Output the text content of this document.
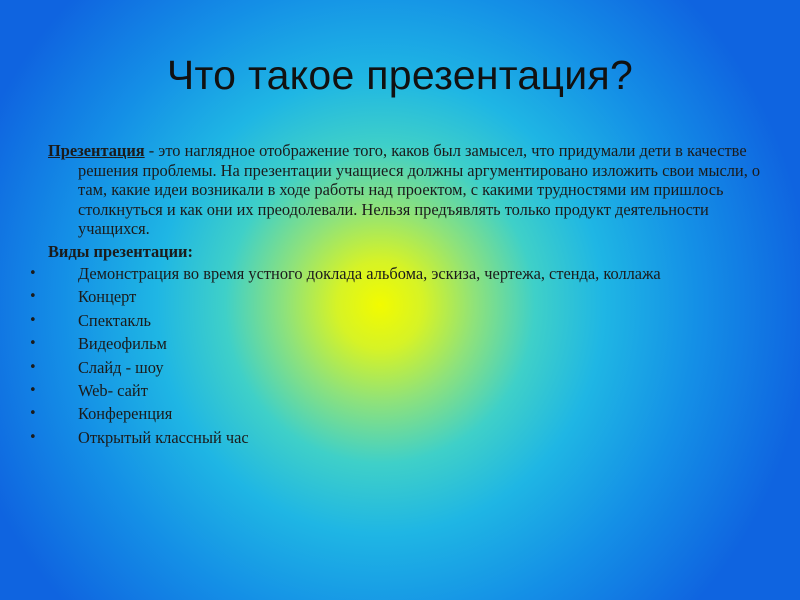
Что такое презентация?

Презентация - это наглядное отображение того, каков был замысел, что придумали дети в качестве решения проблемы. На презентации учащиеся должны аргументировано изложить свои мысли, о там, какие идеи возникали в ходе работы над проектом, с какими трудностями им пришлось столкнуться и как они их преодолевали. Нельзя предъявлять только продукт деятельности учащихся.

Виды презентации:
•	Демонстрация во время устного доклада альбома, эскиза, чертежа, стенда, коллажа
•	Концерт
•	Спектакль
•	Видеофильм
•	Слайд - шоу
•	Web- сайт
•	Конференция
•	Открытый классный час
